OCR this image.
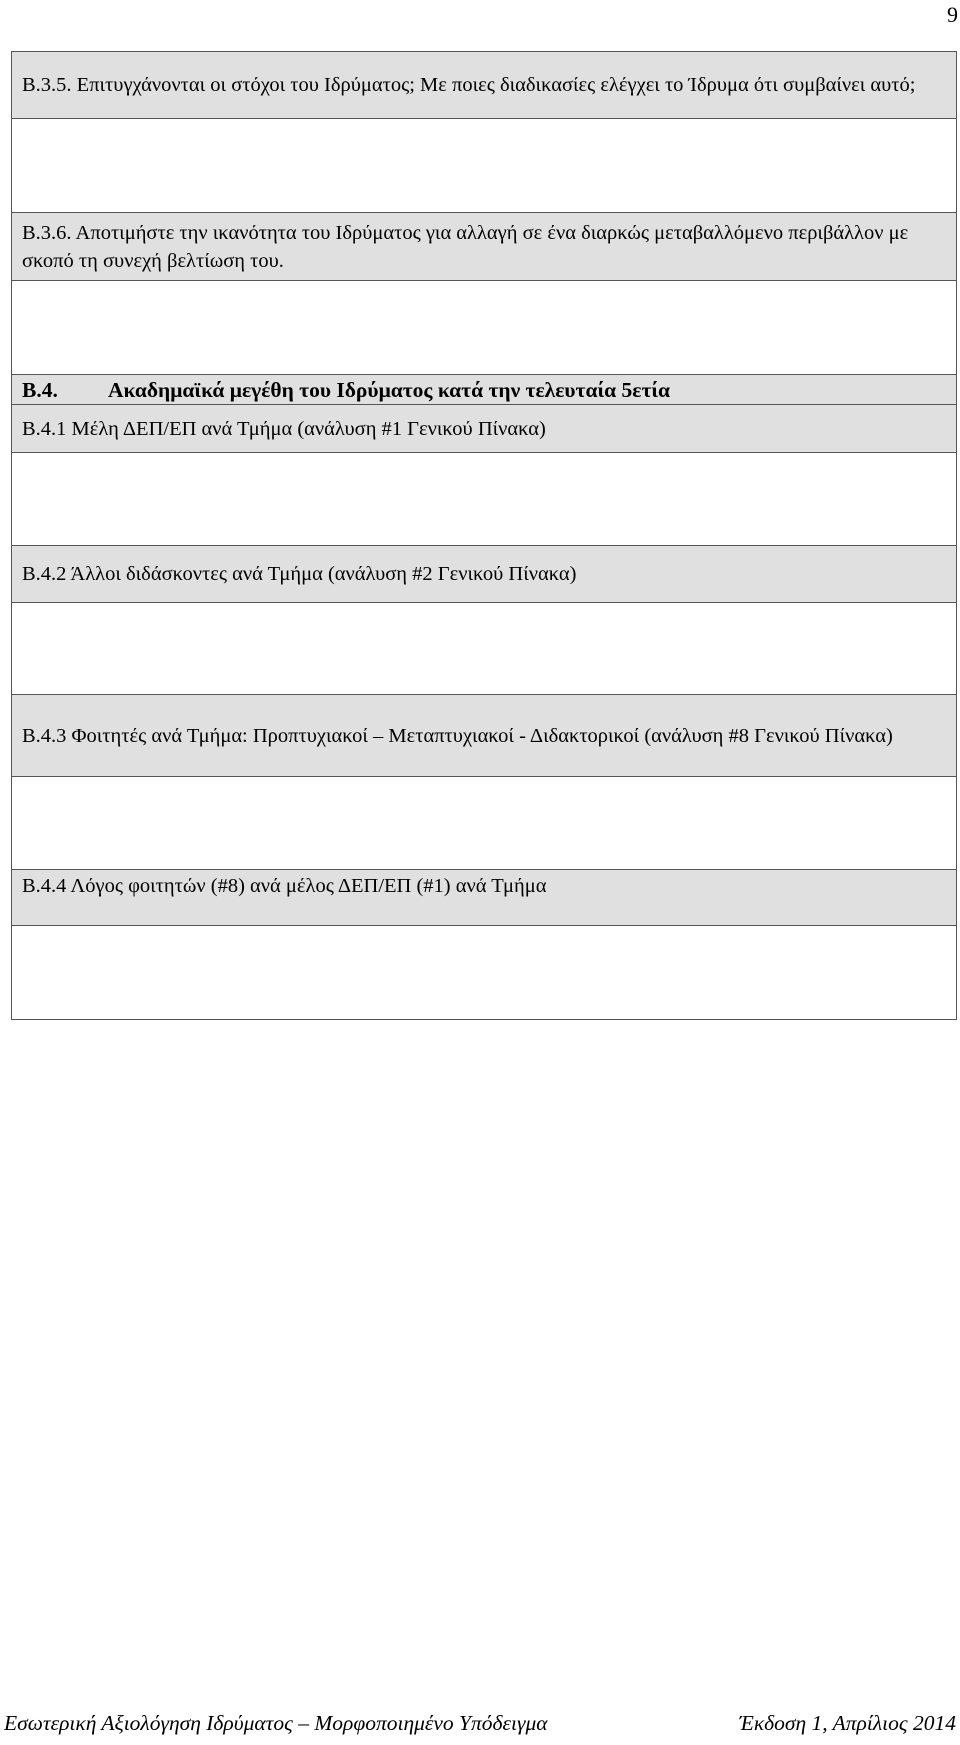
9
Β.3.5. Επιτυγχάνονται οι στόχοι του Ιδρύματος; Με ποιες διαδικασίες ελέγχει το Ίδρυμα ότι συμβαίνει αυτό;
Β.3.6. Αποτιμήστε την ικανότητα του Ιδρύματος για αλλαγή σε ένα διαρκώς μεταβαλλόμενο περιβάλλον με σκοπό τη συνεχή βελτίωση του.
Β.4.	Ακαδημαϊκά μεγέθη του Ιδρύματος κατά την τελευταία 5ετία
Β.4.1 Μέλη ΔΕΠ/ΕΠ ανά Τμήμα (ανάλυση #1 Γενικού Πίνακα)
Β.4.2 Άλλοι διδάσκοντες ανά Τμήμα (ανάλυση #2 Γενικού Πίνακα)
Β.4.3 Φοιτητές ανά Τμήμα: Προπτυχιακοί – Μεταπτυχιακοί - Διδακτορικοί (ανάλυση #8 Γενικού Πίνακα)
Β.4.4 Λόγος φοιτητών (#8) ανά μέλος ΔΕΠ/ΕΠ (#1) ανά Τμήμα
Εσωτερική Αξιολόγηση Ιδρύματος – Μορφοποιημένο Υπόδειγμα	Έκδοση 1, Απρίλιος 2014
